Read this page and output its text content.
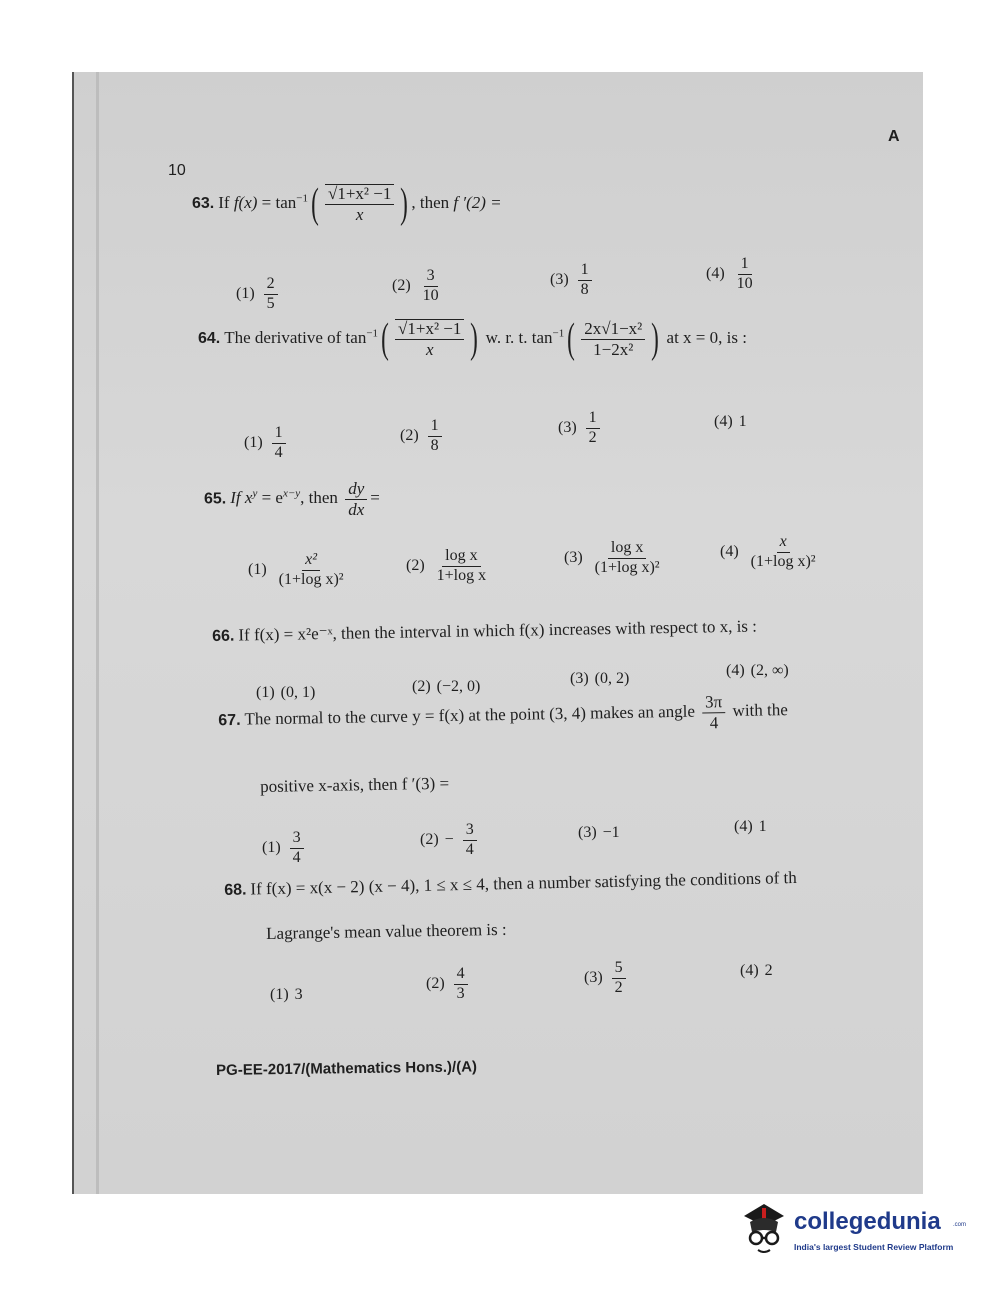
10
A
63. If $f(x) = \tan^{-1}( \frac{\text{√1+x² −1}}{x}$ ) , then f ′(2) =
$(1) \frac{2}{5}$	$(2) \frac{3}{10}$	$(3) \frac{1}{8}$	$(4) \frac{1}{10}$
64. The derivative of $\tan^{-1}( \frac{\text{√1+x² −1}}{x}$ ) w. r. t. $\tan^{-1}( \frac{\text{2x√1−x²}}{\text{1−2x²}}$ ) at x = 0, is :
$(1) \frac{1}{4}$	$(2) \frac{1}{8}$	$(3) \frac{1}{2}$	(4) 1
65. If $x^y = e^{x-y}$, then $\frac{dy}{dx}$ =
$(1) \frac{\text{x²}}{\text{(1+log x)²}}$	$(2) \frac{\text{log x}}{\text{1+log x}}$	$(3) \frac{\text{log x}}{\text{(1+log x)²}}$	$(4) \frac{x}{\text{(1+log x)²}}$
66. If f(x) = x²e⁻ˣ, then the interval in which f(x) increases with respect to x, is :
(1) (0, 1)	(2) (−2, 0)	(3) (0, 2)	(4) (2, ∞)
67. The normal to the curve y = f(x) at the point (3, 4) makes an angle $\frac{3\pi}{4}$ with the
positive x-axis, then f ′(3) =
$(1) \frac{3}{4}$	$(2) - \frac{3}{4}$	(3) −1	(4) 1
68. If f(x) = x(x − 2) (x − 4), 1 ≤ x ≤ 4, then a number satisfying the conditions of th
Lagrange's mean value theorem is :
(1) 3
$(2) \frac{4}{3}$	$(3) \frac{5}{2}$	(4) 2
PG-EE-2017/(Mathematics Hons.)/(A)
collegedunia .com
India's largest Student Review Platform
